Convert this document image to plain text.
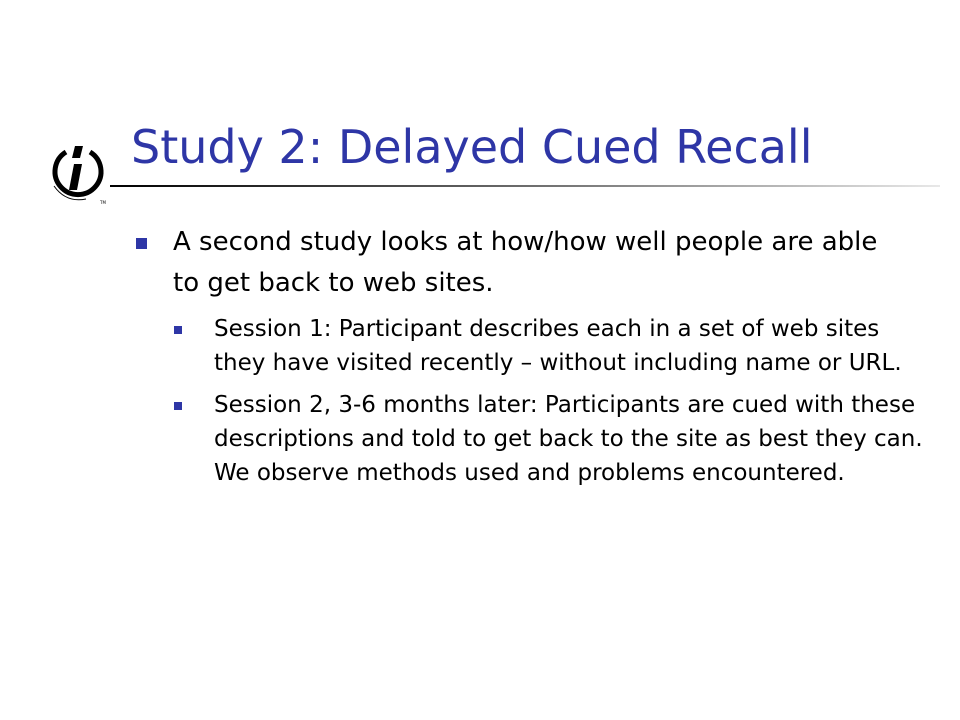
TM
Study 2: Delayed Cued Recall
A second study looks at how/how well people are able to get back to web sites.
Session 1: Participant describes each in a set of web sites they have visited recently – without including name or URL.
Session 2, 3-6 months later: Participants are cued with these descriptions and told to get back to the site as best they can. We observe methods used and problems encountered.
